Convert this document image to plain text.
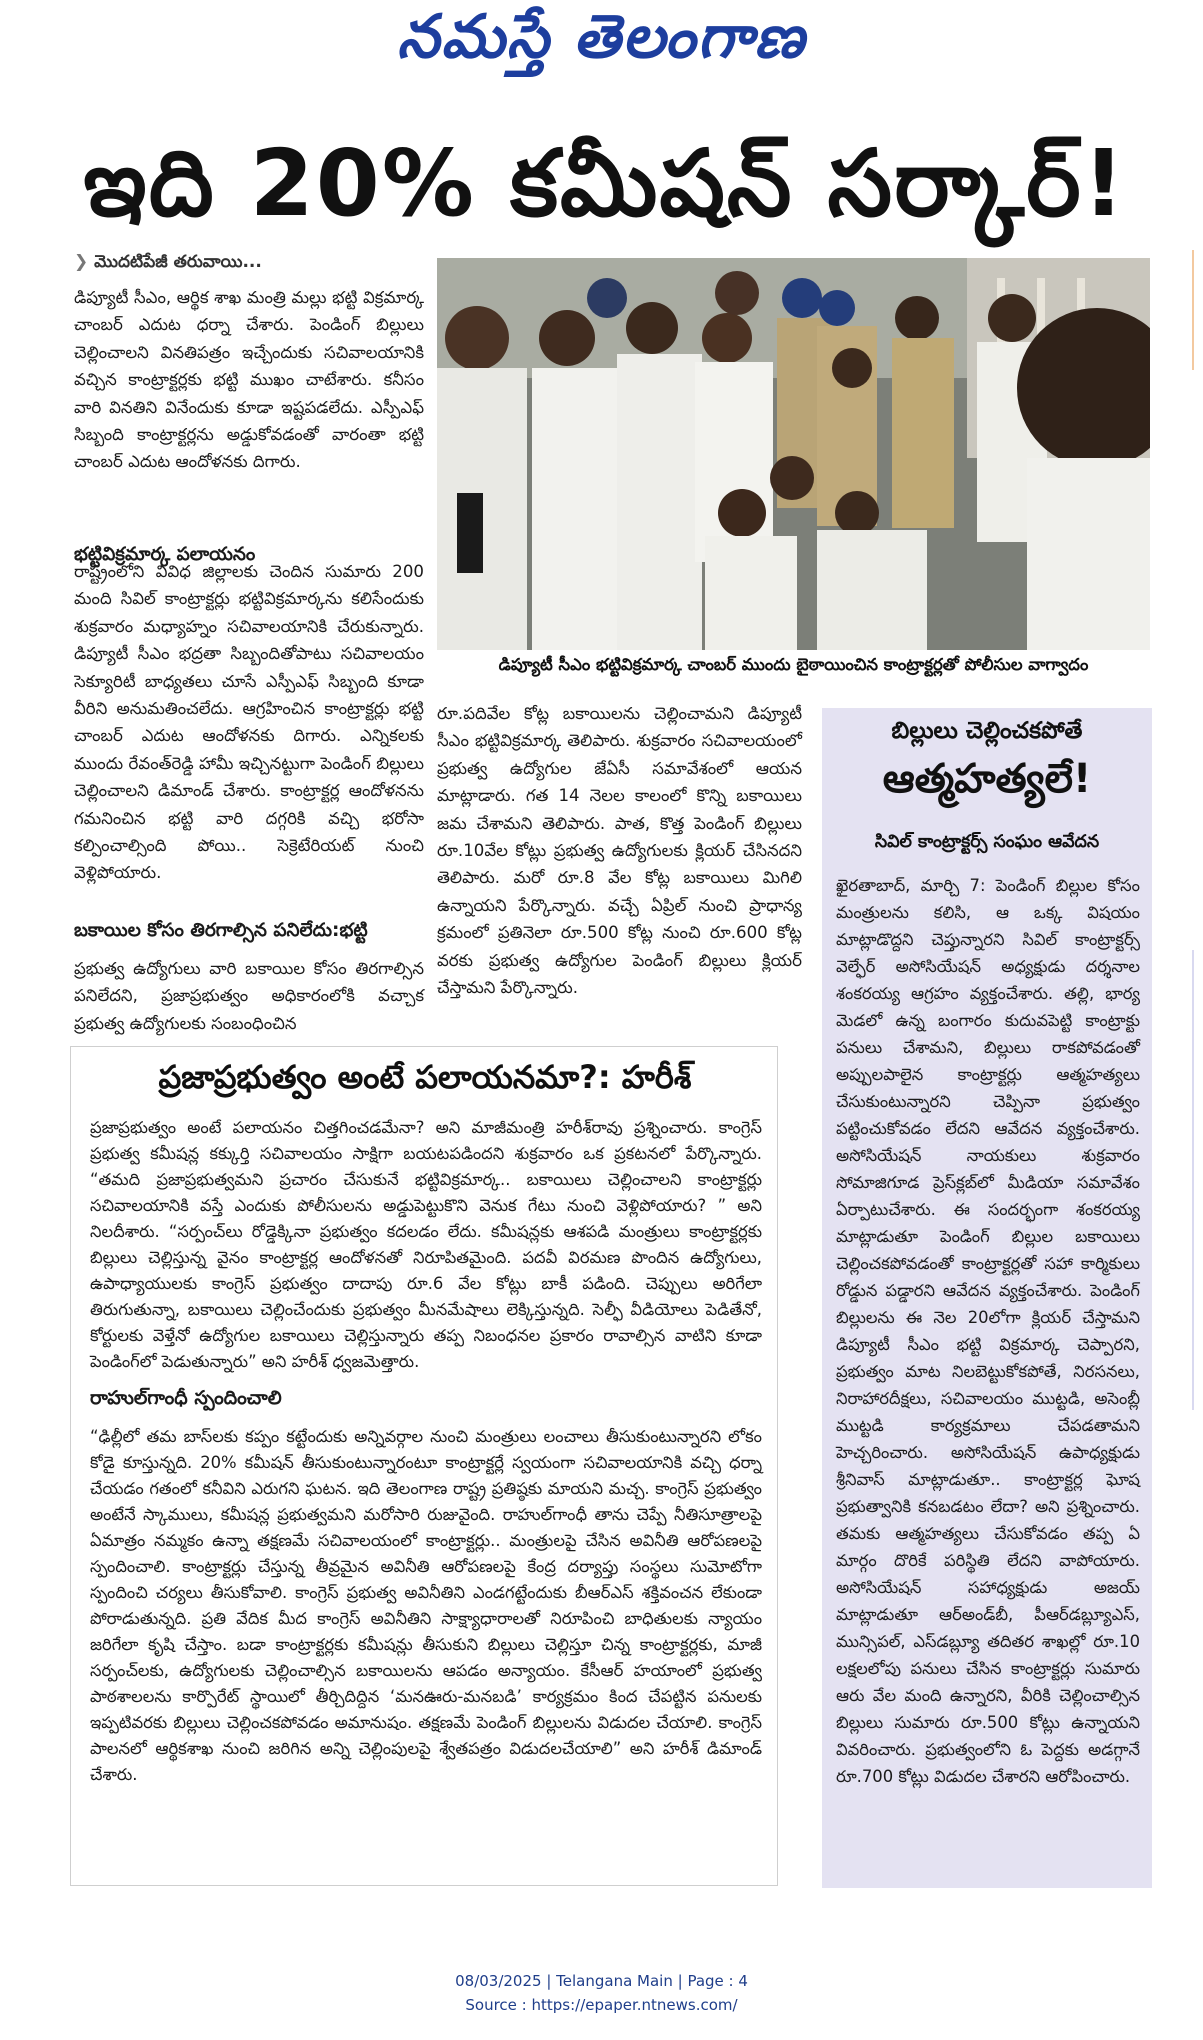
నమస్తే తెలంగాణ
ఇది 20% కమీషన్ సర్కార్!
❯ మొదటిపేజీ తరువాయి...

డిప్యూటీ సీఎం, ఆర్థిక శాఖ మంత్రి మల్లు భట్టి విక్రమార్క చాంబర్ ఎదుట ధర్నా చేశారు. పెండింగ్ బిల్లులు చెల్లించాలని వినతిపత్రం ఇచ్చేందుకు సచివాలయానికి వచ్చిన కాంట్రాక్టర్లకు భట్టి ముఖం చాటేశారు. కనీసం వారి వినతిని వినేందుకు కూడా ఇష్టపడలేదు. ఎస్పీఎఫ్ సిబ్బంది కాంట్రాక్టర్లను అడ్డుకోవడంతో వారంతా భట్టి చాంబర్ ఎదుట ఆందోళనకు దిగారు.

భట్టివిక్రమార్క పలాయనం

రాష్ట్రంలోని వివిధ జిల్లాలకు చెందిన సుమారు 200 మంది సివిల్ కాంట్రాక్టర్లు భట్టివిక్రమార్కను కలిసేందుకు శుక్రవారం మధ్యాహ్నం సచివాలయానికి చేరుకున్నారు. డిప్యూటీ సీఎం భద్రతా సిబ్బందితోపాటు సచివాలయం సెక్యూరిటీ బాధ్యతలు చూసే ఎస్పీఎఫ్ సిబ్బంది కూడా

వీరిని అనుమతించలేదు. ఆగ్రహించిన కాంట్రాక్టర్లు భట్టి చాంబర్ ఎదుట ఆందోళనకు దిగారు. ఎన్నికలకు ముందు రేవంత్‌రెడ్డి హామీ ఇచ్చినట్టుగా పెండింగ్ బిల్లులు చెల్లించాలని డిమాండ్ చేశారు. కాంట్రాక్టర్ల ఆందోళనను గమనించిన భట్టి వారి దగ్గరికి వచ్చి భరోసా కల్పించాల్సింది పోయి.. సెక్రెటేరియట్ నుంచి వెళ్లిపోయారు.

బకాయిల కోసం తిరగాల్సిన పనిలేదు:భట్టి

ప్రభుత్వ ఉద్యోగులు వారి బకాయిల కోసం తిరగాల్సిన పనిలేదని, ప్రజాప్రభుత్వం అధికారంలోకి వచ్చాక ప్రభుత్వ ఉద్యోగులకు సంబంధించిన

డిప్యూటీ సీఎం భట్టివిక్రమార్క చాంబర్ ముందు బైఠాయించిన కాంట్రాక్టర్లతో పోలీసుల వాగ్వాదం

రూ.పదివేల కోట్ల బకాయిలను చెల్లించామని డిప్యూటీ సీఎం భట్టివిక్రమార్క తెలిపారు. శుక్రవారం సచివాలయంలో ప్రభుత్వ ఉద్యోగుల జేఏసీ సమావేశంలో ఆయన మాట్లాడారు. గత 14 నెలల కాలంలో కొన్ని బకాయిలు జమ చేశామని తెలిపారు. పాత, కొత్త పెండింగ్ బిల్లులు రూ.10వేల కోట్లు ప్రభుత్వ ఉద్యోగులకు క్లియర్ చేసినదని తెలిపారు. మరో రూ.8 వేల కోట్ల బకాయిలు మిగిలి ఉన్నాయని పేర్కొన్నారు. వచ్చే ఏప్రిల్ నుంచి ప్రాధాన్య క్రమంలో ప్రతినెలా రూ.500 కోట్ల నుంచి రూ.600 కోట్ల వరకు ప్రభుత్వ ఉద్యోగుల పెండింగ్ బిల్లులు క్లియర్ చేస్తామని పేర్కొన్నారు.

ప్రజాప్రభుత్వం అంటే పలాయనమా?: హరీశ్

ప్రజాప్రభుత్వం అంటే పలాయనం చిత్తగించడమేనా? అని మాజీమంత్రి హరీశ్‌రావు ప్రశ్నించారు. కాంగ్రెస్ ప్రభుత్వ కమీషన్ల కక్కుర్తి సచివాలయం సాక్షిగా బయటపడిందని శుక్రవారం ఒక ప్రకటనలో పేర్కొన్నారు. “తమది ప్రజాప్రభుత్వమని ప్రచారం చేసుకునే భట్టివిక్రమార్క.. బకాయిలు చెల్లించాలని కాంట్రాక్టర్లు సచివాలయానికి వస్తే ఎందుకు పోలీసులను అడ్డుపెట్టుకొని వెనుక గేటు నుంచి వెళ్లిపోయారు? ” అని నిలదీశారు. “సర్పంచ్‌లు రోడ్డెక్కినా ప్రభుత్వం కదలడం లేదు. కమీషన్లకు ఆశపడి మంత్రులు కాంట్రాక్టర్లకు బిల్లులు చెల్లిస్తున్న వైనం కాంట్రాక్టర్ల ఆందోళనతో నిరూపితమైంది. పదవీ విరమణ పొందిన ఉద్యోగులు, ఉపాధ్యాయులకు కాంగ్రెస్ ప్రభుత్వం దాదాపు రూ.6 వేల కోట్లు బాకీ పడింది. చెప్పులు అరిగేలా తిరుగుతున్నా, బకాయిలు చెల్లించేందుకు ప్రభుత్వం మీనమేషాలు లెక్కిస్తున్నది. సెల్ఫీ వీడియోలు పెడితేనో, కోర్టులకు వెళ్తేనో ఉద్యోగుల బకాయిలు చెల్లిస్తున్నారు తప్ప నిబంధనల ప్రకారం రావాల్సిన వాటిని కూడా పెండింగ్‌లో పెడుతున్నారు” అని హరీశ్ ధ్వజమెత్తారు.

రాహుల్‌గాంధీ స్పందించాలి

“ఢిల్లీలో తమ బాస్‌లకు కప్పం కట్టేందుకు అన్నివర్గాల నుంచి మంత్రులు లంచాలు తీసుకుంటున్నారని లోకం కోడై కూస్తున్నది. 20% కమీషన్ తీసుకుంటున్నారంటూ కాంట్రాక్టర్లే స్వయంగా సచివాలయానికి వచ్చి ధర్నా చేయడం గతంలో కనీవిని ఎరుగని ఘటన. ఇది తెలంగాణ రాష్ట్ర ప్రతిష్ఠకు మాయని మచ్చ. కాంగ్రెస్ ప్రభుత్వం అంటేనే స్కాములు, కమీషన్ల ప్రభుత్వమని మరోసారి రుజువైంది. రాహుల్‌గాంధీ తాను చెప్పే నీతిసూత్రాలపై ఏమాత్రం నమ్మకం ఉన్నా తక్షణమే సచివాలయంలో కాంట్రాక్టర్లు.. మంత్రులపై చేసిన అవినీతి ఆరోపణలపై స్పందించాలి. కాంట్రాక్టర్లు చేస్తున్న తీవ్రమైన అవినీతి ఆరోపణలపై కేంద్ర దర్యాప్తు సంస్థలు సుమోటోగా స్పందించి చర్యలు తీసుకోవాలి. కాంగ్రెస్ ప్రభుత్వ అవినీతిని ఎండగట్టేందుకు బీఆర్ఎస్ శక్తివంచన లేకుండా పోరాడుతున్నది. ప్రతి వేదిక మీద కాంగ్రెస్ అవినీతిని సాక్ష్యాధారాలతో నిరూపించి బాధితులకు న్యాయం జరిగేలా కృషి చేస్తాం. బడా కాంట్రాక్టర్లకు కమీషన్లు తీసుకుని బిల్లులు చెల్లిస్తూ చిన్న కాంట్రాక్టర్లకు, మాజీ సర్పంచ్‌లకు, ఉద్యోగులకు చెల్లించాల్సిన బకాయిలను ఆపడం అన్యాయం. కేసీఆర్ హయాంలో ప్రభుత్వ పాఠశాలలను కార్పొరేట్ స్థాయిలో తీర్చిదిద్దిన ‘మనఊరు-మనబడి’ కార్యక్రమం కింద చేపట్టిన పనులకు ఇప్పటివరకు బిల్లులు చెల్లించకపోవడం అమానుషం. తక్షణమే పెండింగ్ బిల్లులను విడుదల చేయాలి. కాంగ్రెస్ పాలనలో ఆర్థికశాఖ నుంచి జరిగిన అన్ని చెల్లింపులపై శ్వేతపత్రం విడుదలచేయాలి” అని హరీశ్ డిమాండ్ చేశారు.

బిల్లులు చెల్లించకపోతే
ఆత్మహత్యలే!
సివిల్ కాంట్రాక్టర్స్ సంఘం ఆవేదన

ఖైరతాబాద్, మార్చి 7: పెండింగ్ బిల్లుల కోసం మంత్రులను కలిసి, ఆ ఒక్క విషయం మాట్లాడొద్దని చెప్తున్నారని సివిల్ కాంట్రాక్టర్స్ వెల్ఫేర్ అసోసియేషన్ అధ్యక్షుడు దర్శనాల శంకరయ్య ఆగ్రహం వ్యక్తంచేశారు. తల్లి, భార్య మెడలో ఉన్న బంగారం కుదువపెట్టి కాంట్రాక్టు పనులు చేశామని, బిల్లులు రాకపోవడంతో అప్పులపాలైన కాంట్రాక్టర్లు ఆత్మహత్యలు చేసుకుంటున్నారని చెప్పినా ప్రభుత్వం పట్టించుకోవడం లేదని ఆవేదన వ్యక్తంచేశారు. అసోసియేషన్ నాయకులు శుక్రవారం సోమాజిగూడ ప్రెస్‌క్లబ్‌లో మీడియా సమావేశం ఏర్పాటుచేశారు. ఈ సందర్భంగా శంకరయ్య మాట్లాడుతూ పెండింగ్ బిల్లుల బకాయిలు చెల్లించకపోవడంతో కాంట్రాక్టర్లతో సహా కార్మికులు రోడ్డున పడ్డారని ఆవేదన వ్యక్తంచేశారు. పెండింగ్ బిల్లులను ఈ నెల 20లోగా క్లియర్ చేస్తామని డిప్యూటీ సీఎం భట్టి విక్రమార్క చెప్పారని, ప్రభుత్వం మాట నిలబెట్టుకోకపోతే, నిరసనలు, నిరాహారదీక్షలు, సచివాలయం ముట్టడి, అసెంబ్లీ ముట్టడి కార్యక్రమాలు చేపడతామని హెచ్చరించారు. అసోసియేషన్ ఉపాధ్యక్షుడు శ్రీనివాస్ మాట్లాడుతూ.. కాంట్రాక్టర్ల ఘోష ప్రభుత్వానికి కనబడటం లేదా? అని ప్రశ్నించారు. తమకు ఆత్మహత్యలు చేసుకోవడం తప్ప ఏ మార్గం దొరికే పరిస్థితి లేదని వాపోయారు. అసోసియేషన్ సహాధ్యక్షుడు అజయ్ మాట్లాడుతూ ఆర్‌అండ్‌బీ, పీఆర్‌డబ్ల్యూఎస్, మున్సిపల్, ఎస్‌డబ్ల్యూ తదితర శాఖల్లో రూ.10 లక్షలలోపు పనులు చేసిన కాంట్రాక్టర్లు సుమారు ఆరు వేల మంది ఉన్నారని, వీరికి చెల్లించాల్సిన బిల్లులు సుమారు రూ.500 కోట్లు ఉన్నాయని వివరించారు. ప్రభుత్వంలోని ఓ పెద్దకు అడగ్గానే రూ.700 కోట్లు విడుదల చేశారని ఆరోపించారు.

08/03/2025 | Telangana Main | Page : 4
Source : https://epaper.ntnews.com/
